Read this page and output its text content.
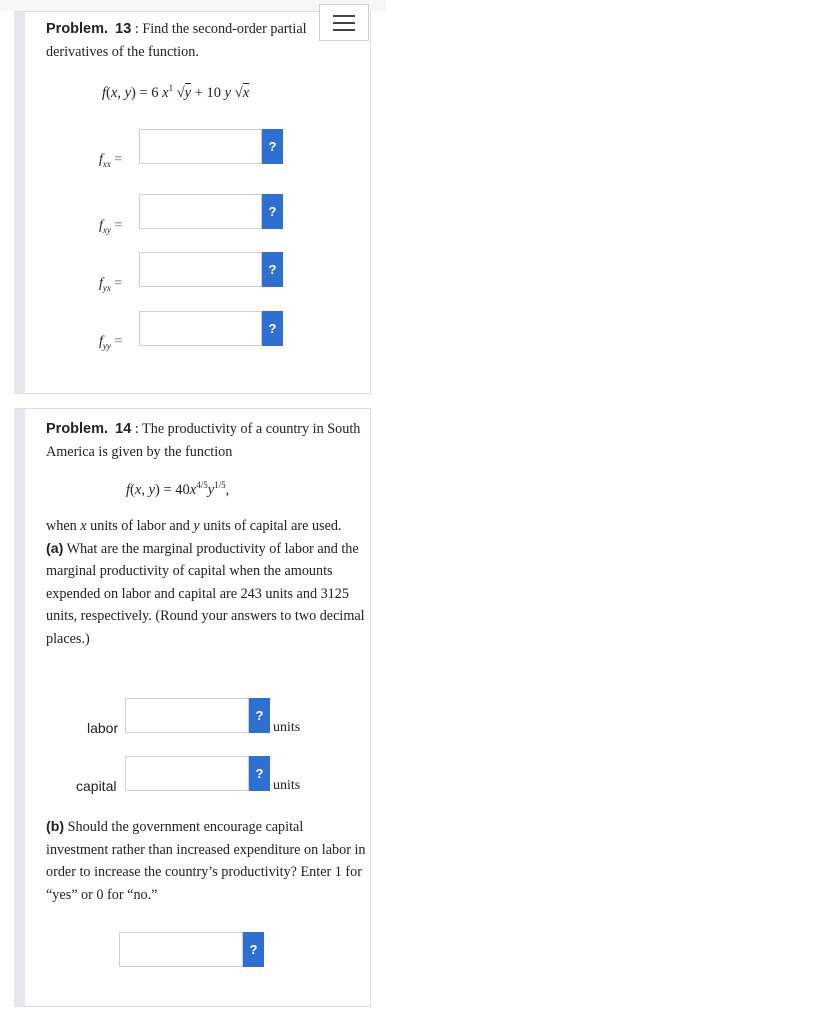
Problem. 13 : Find the second-order partial derivatives of the function.
f(x, y) = 6 $x^1$ √y + 10 y √x
$f_{xx}$ =
?
$f_{xy}$ =
?
$f_{yx}$ =
?
$f_{yy}$ =
?
Problem. 14 : The productivity of a country in South America is given by the function
f(x, $y) = 40x^{4/5}y^{1/5}$,
when x units of labor and y units of capital are used.
(a) What are the marginal productivity of labor and the marginal productivity of capital when the amounts expended on labor and capital are 243 units and 3125 units, respectively. (Round your answers to two decimal places.)
labor
?
units
capital
?
units
(b) Should the government encourage capital investment rather than increased expenditure on labor in order to increase the country’s productivity? Enter 1 for “yes” or 0 for “no.”
?
